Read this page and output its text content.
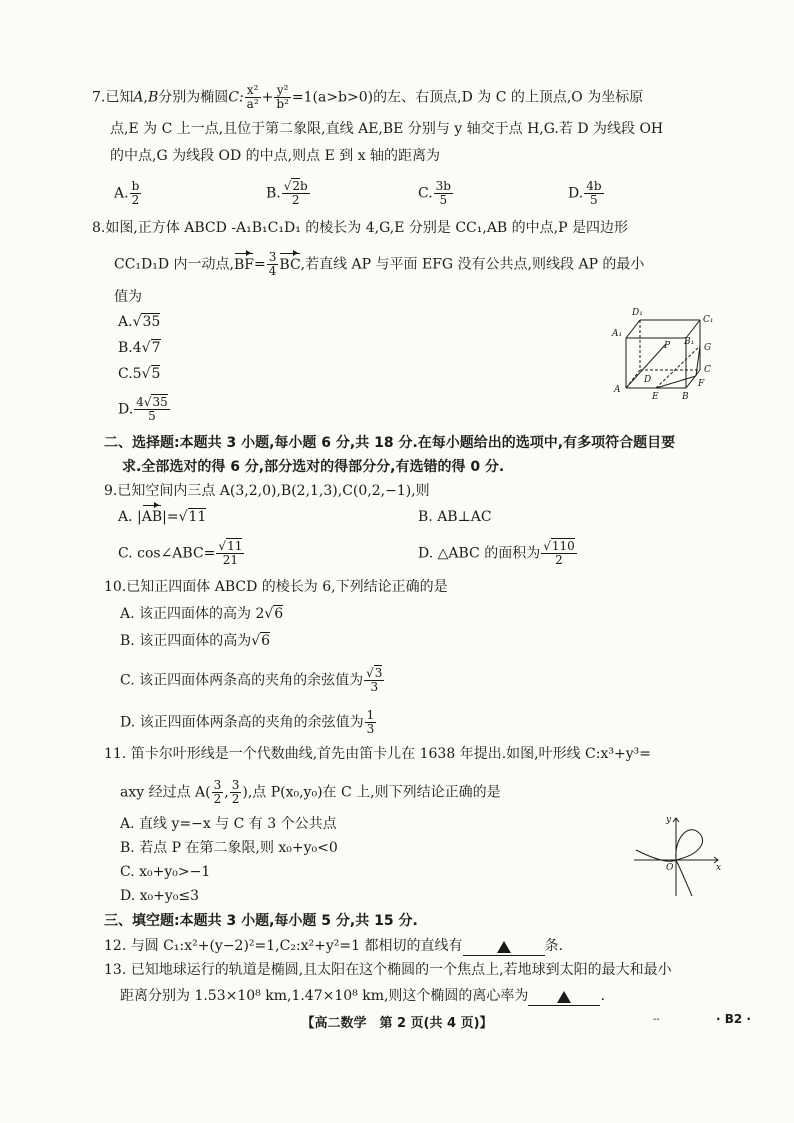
7.已知A,B分别为椭圆C: $\frac{\text{x²}}{\text{a²}} + \frac{\text{y²}}{\text{b²}} =1(a>b>0)$的左、右顶点,D 为 C 的上顶点,O 为坐标原
点,E 为 C 上一点,且位于第二象限,直线 AE,BE 分别与 y 轴交于点 H,G.若 D 为线段 OH
的中点,G 为线段 OD 的中点,则点 E 到 x 轴的距离为
A. $\frac{b}{2}$	B. $\frac{√2b}{2}$	C. $\frac{3b}{5}$	D. $\frac{4b}{5}$
8.如图,正方体 ABCD -A₁B₁C₁D₁ 的棱长为 4,G,E 分别是 CC₁,AB 的中点,P 是四边形
CC₁D₁D 内一动点$,BF= \frac{3}{4}$ BC,若直线 AP 与平面 EFG 没有公共点,则线段 AP 的最小
值为
A.√35
B.4√7
C.5√5
D. $\frac{4√35}{5}$
D₁
C₁
A₁
B₁
P	G
C
D	F
A
E	B
二、选择题:本题共 3 小题,每小题 6 分,共 18 分.在每小题给出的选项中,有多项符合题目要
求.全部选对的得 6 分,部分选对的得部分分,有选错的得 0 分.
9.已知空间内三点 A(3,2,0),B(2,1,3),C(0,2,−1),则
A. |AB|=√11	B. AB⊥AC
C. cos∠ABC= $\frac{√11}{21}$	D. △ABC 的面积为 $\frac{√110}{2}$
10.已知正四面体 ABCD 的棱长为 6,下列结论正确的是
A. 该正四面体的高为 2√6
B. 该正四面体的高为√6
C. 该正四面体两条高的夹角的余弦值为 $\frac{√3}{3}$
D. 该正四面体两条高的夹角的余弦值为 $\frac{1}{3}$
11. 笛卡尔叶形线是一个代数曲线,首先由笛卡儿在 1638 年提出.如图,叶形线 C:x³+y³=
axy 经过点 $A( \frac{3}{2}$ , $\frac{3}{2}$ ),点 P(x₀,y₀)在 C 上,则下列结论正确的是
A. 直线 y=−x 与 C 有 3 个公共点
B. 若点 P 在第二象限,则 x₀+y₀<0
C. x₀+y₀>−1
D. x₀+y₀≤3
y
O	x
三、填空题:本题共 3 小题,每小题 5 分,共 15 分.
12. 与圆 C₁:x²+(y−2)²=1,C₂:x²+y²=1 都相切的直线有	条.
13. 已知地球运行的轨道是椭圆,且太阳在这个椭圆的一个焦点上,若地球到太阳的最大和最小
距离分别为 1.53×10⁸ km,1.47×10⁸ km,则这个椭圆的离心率为	.
【高二数学　第 2 页(共 4 页)】	--	· B2 ·
